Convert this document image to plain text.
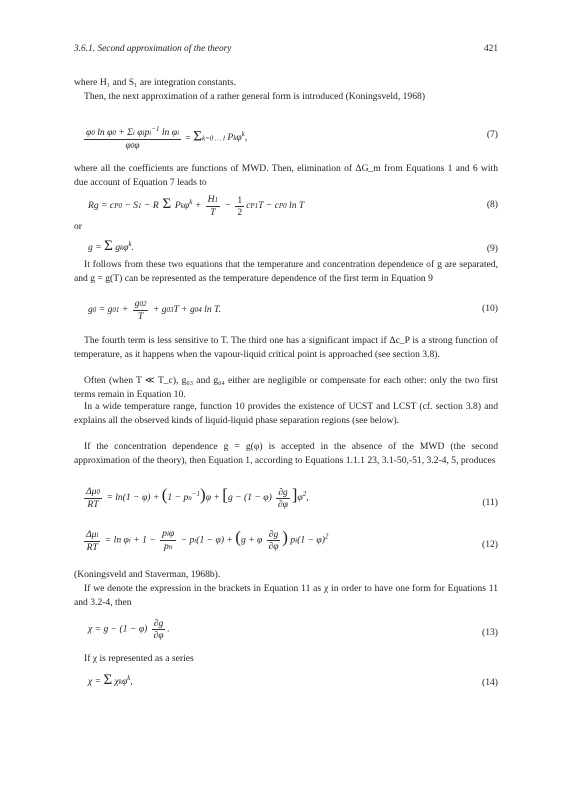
3.6.1. Second approximation of the theory	421

where H₁ and S₁ are integration constants.

Then, the next approximation of a rather general form is introduced (Koningsveld, 1968)

$\frac{\varphi 0 \ln \varphi 0 + \Sigma i \varphi ipi^{-1} \ln \varphi i}{\varphi 0\varphi} = \Sigma k=0$ … l Pkφ$^k$,	(7)

where all the coefficients are functions of MWD. Then, elimination of ΔG_m from Equations 1 and 6 with due account of Equation 7 leads to

Rg = cP0 − S1 − R Σ $Pk\varphi^k + \frac{H1}{T} - \frac{1}{2} cP1T - cP0$ ln T	(8)

or

g = Σ gkφ$^k$.	(9)

It follows from these two equations that the temperature and concentration dependence of g are separated, and g = g(T) can be represented as the temperature dependence of the first term in Equation 9

$g0 = g01 + \frac{g02}{T} + g03T + g04$ ln T.	(10)

The fourth term is less sensitive to T. The third one has a significant impact if Δc_P is a strong function of temperature, as it happens when the vapour-liquid critical point is approached (see section 3.8).

Often (when T ≪ T_c), g₀₃ and g₀₄ either are negligible or compensate for each other: only the two first terms remain in Equation 10.

In a wide temperature range, function 10 provides the existence of UCST and LCST (cf. section 3.8) and explains all the observed kinds of liquid-liquid phase separation regions (see below).

If the concentration dependence g = g(φ) is accepted in the absence of the MWD (the second approximation of the theory), then Equation 1, according to Equations 1.1.1 23, 3.1-50,-51, 3.2-4, 5, produces

$\frac{\Delta\mu 0}{RT} = \ln(1 - \varphi) + (1 - pn^{-1})\varphi + [g - (1 - \varphi) \frac{\partial g}{\partial\varphi} ]\varphi^2$,	(11)
$\frac{\text{Δμi}}{RT} = \ln \varphi i + 1 - \frac{\text{piφ}}{pn} - pi(1 - \varphi) + (g + \varphi \frac{\partial g}{\partial\varphi}$ ) $pi(1 - \varphi)^2$
(12)

(Koningsveld and Staverman, 1968b).

If we denote the expression in the brackets in Equation 11 as χ in order to have one form for Equations 11 and 3.2-4, then

$\chi = g - (1 - \varphi) \frac{\partial g}{\partial\varphi}$ .	(13)

If χ is represented as a series

χ = Σ χkφ$^k$,	(14)
